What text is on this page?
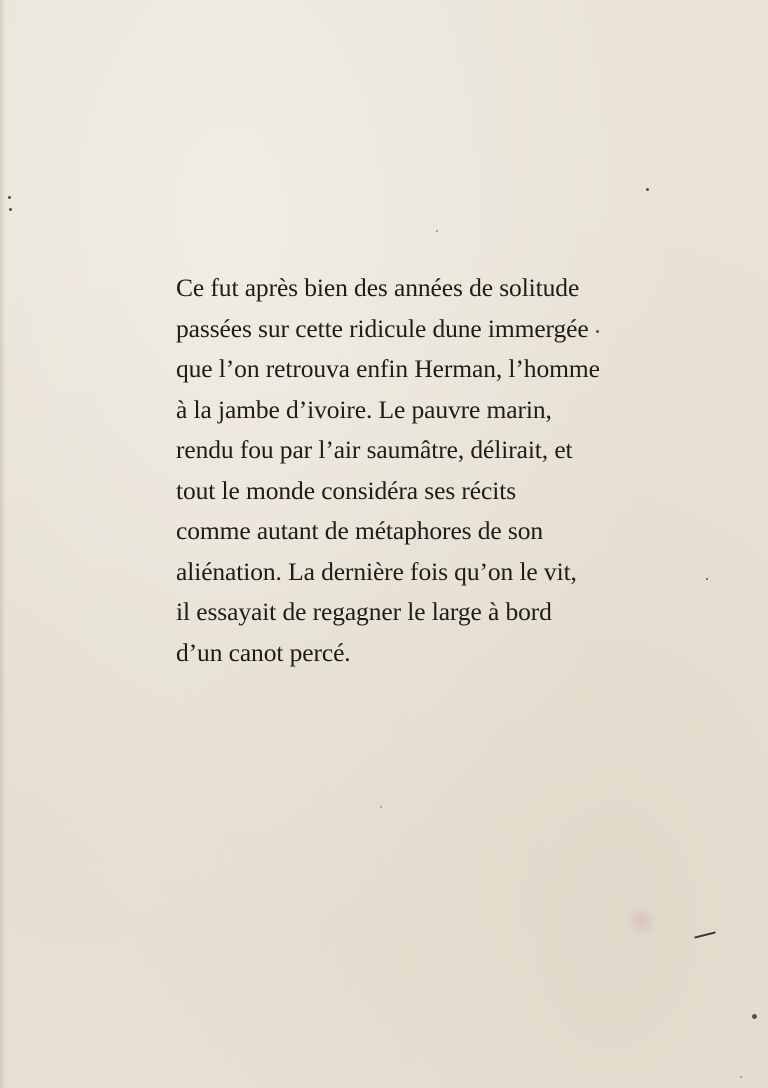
Ce fut après bien des années de solitude
passées sur cette ridicule dune immergée
que l’on retrouva enfin Herman, l’homme
à la jambe d’ivoire. Le pauvre marin,
rendu fou par l’air saumâtre, délirait, et
tout le monde considéra ses récits
comme autant de métaphores de son
aliénation. La dernière fois qu’on le vit,
il essayait de regagner le large à bord
d’un canot percé.
